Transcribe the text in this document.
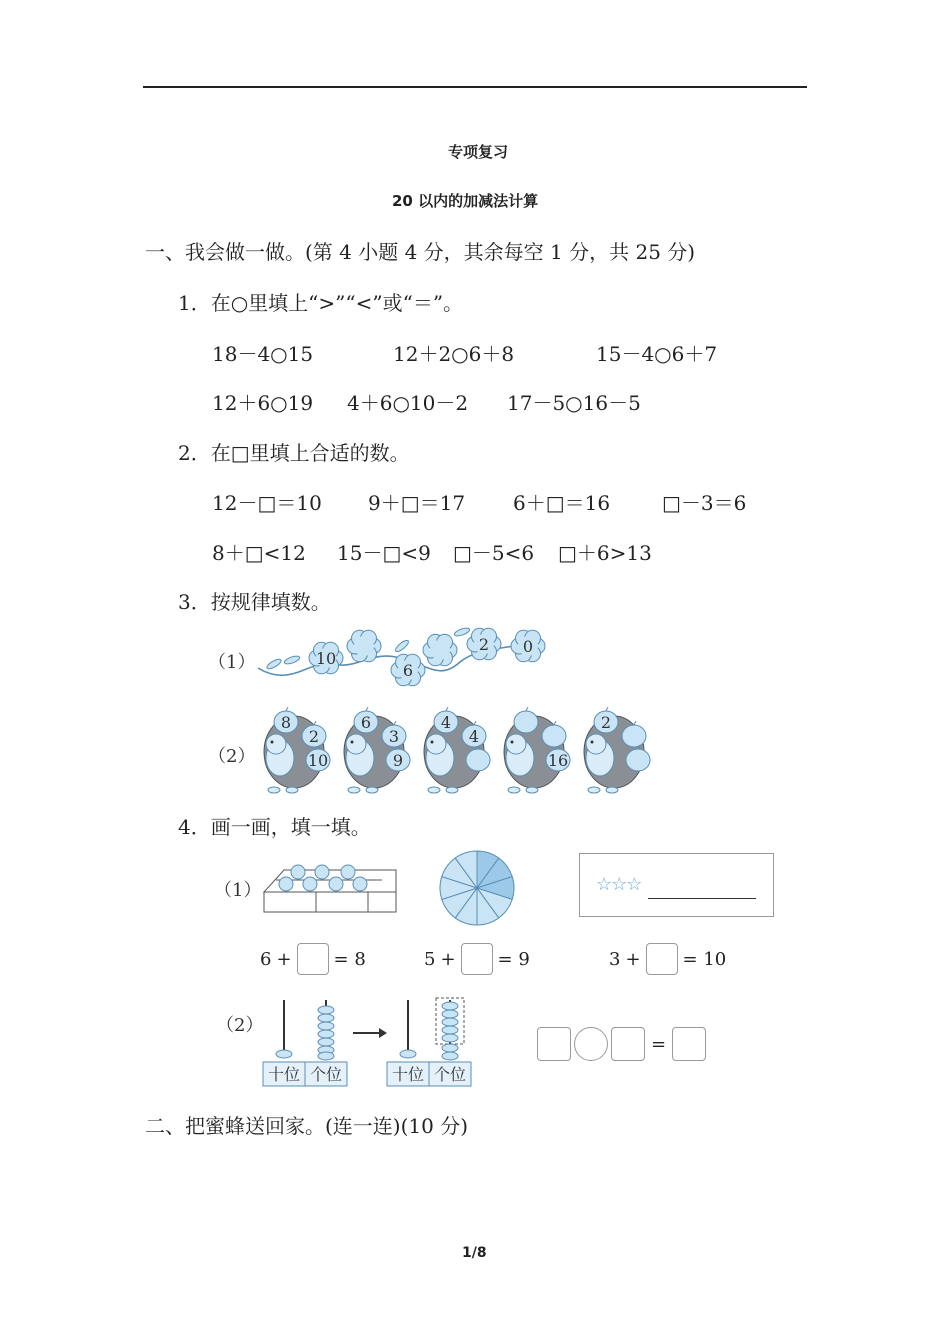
专项复习
20 以内的加减法计算
一、我会做一做。(第 4 小题 4 分，其余每空 1 分，共 25 分)
1．在○里填上“>”“<”或“＝”。
18－4○15	12＋2○6＋8	15－4○6＋7
12＋6○19 4＋6○10－2 17－5○16－5
2．在□里填上合适的数。
12－□＝10 9＋□＝17 6＋□＝16	□－3＝6
8＋□<12 15－□<9 □－5<6 □＋6>13
3．按规律填数。
（1）	10
6
2 0
（2）
8
2
10
6
3
9
4
4
16
2
4．画一画，填一填。
（1）	☆☆☆
6 + = 8	5 + = 9	3 + = 10
（2）
十位 个位	十位 个位
=
二、把蜜蜂送回家。(连一连)(10 分)
1/8
